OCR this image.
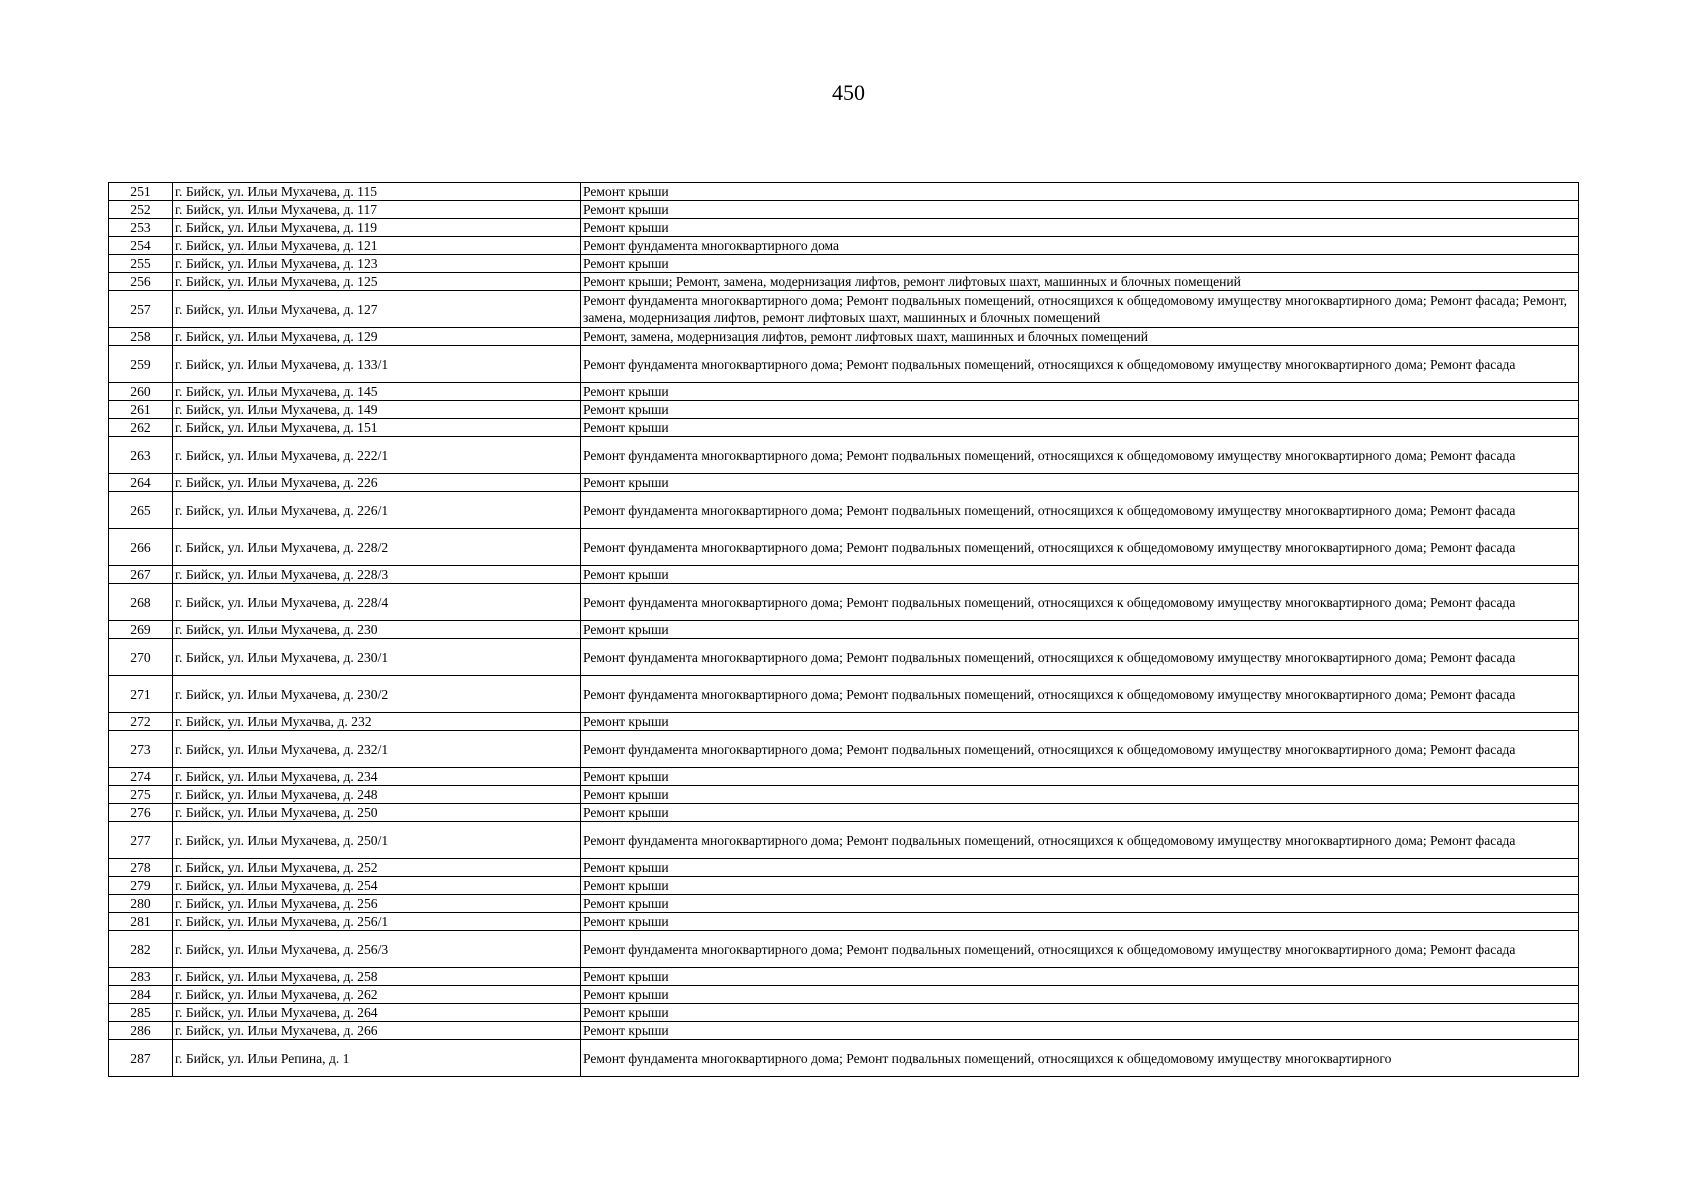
450
251	г. Бийск, ул. Ильи Мухачева, д. 115	Ремонт крыши
252	г. Бийск, ул. Ильи Мухачева, д. 117	Ремонт крыши
253	г. Бийск, ул. Ильи Мухачева, д. 119	Ремонт крыши
254	г. Бийск, ул. Ильи Мухачева, д. 121	Ремонт фундамента многоквартирного дома
255	г. Бийск, ул. Ильи Мухачева, д. 123	Ремонт крыши
256	г. Бийск, ул. Ильи Мухачева, д. 125	Ремонт крыши; Ремонт, замена, модернизация лифтов, ремонт лифтовых шахт, машинных и блочных помещений
257	г. Бийск, ул. Ильи Мухачева, д. 127	Ремонт фундамента многоквартирного дома; Ремонт подвальных помещений, относящихся к общедомовому имуществу многоквартирного дома; Ремонт фасада; Ремонт, замена, модернизация лифтов, ремонт лифтовых шахт, машинных и блочных помещений
258	г. Бийск, ул. Ильи Мухачева, д. 129	Ремонт, замена, модернизация лифтов, ремонт лифтовых шахт, машинных и блочных помещений
259	г. Бийск, ул. Ильи Мухачева, д. 133/1	Ремонт фундамента многоквартирного дома; Ремонт подвальных помещений, относящихся к общедомовому имуществу многоквартирного дома; Ремонт фасада
260	г. Бийск, ул. Ильи Мухачева, д. 145	Ремонт крыши
261	г. Бийск, ул. Ильи Мухачева, д. 149	Ремонт крыши
262	г. Бийск, ул. Ильи Мухачева, д. 151	Ремонт крыши
263	г. Бийск, ул. Ильи Мухачева, д. 222/1	Ремонт фундамента многоквартирного дома; Ремонт подвальных помещений, относящихся к общедомовому имуществу многоквартирного дома; Ремонт фасада
264	г. Бийск, ул. Ильи Мухачева, д. 226	Ремонт крыши
265	г. Бийск, ул. Ильи Мухачева, д. 226/1	Ремонт фундамента многоквартирного дома; Ремонт подвальных помещений, относящихся к общедомовому имуществу многоквартирного дома; Ремонт фасада
266	г. Бийск, ул. Ильи Мухачева, д. 228/2	Ремонт фундамента многоквартирного дома; Ремонт подвальных помещений, относящихся к общедомовому имуществу многоквартирного дома; Ремонт фасада
267	г. Бийск, ул. Ильи Мухачева, д. 228/3	Ремонт крыши
268	г. Бийск, ул. Ильи Мухачева, д. 228/4	Ремонт фундамента многоквартирного дома; Ремонт подвальных помещений, относящихся к общедомовому имуществу многоквартирного дома; Ремонт фасада
269	г. Бийск, ул. Ильи Мухачева, д. 230	Ремонт крыши
270	г. Бийск, ул. Ильи Мухачева, д. 230/1	Ремонт фундамента многоквартирного дома; Ремонт подвальных помещений, относящихся к общедомовому имуществу многоквартирного дома; Ремонт фасада
271	г. Бийск, ул. Ильи Мухачева, д. 230/2	Ремонт фундамента многоквартирного дома; Ремонт подвальных помещений, относящихся к общедомовому имуществу многоквартирного дома; Ремонт фасада
272	г. Бийск, ул. Ильи Мухачва, д. 232	Ремонт крыши
273	г. Бийск, ул. Ильи Мухачева, д. 232/1	Ремонт фундамента многоквартирного дома; Ремонт подвальных помещений, относящихся к общедомовому имуществу многоквартирного дома; Ремонт фасада
274	г. Бийск, ул. Ильи Мухачева, д. 234	Ремонт крыши
275	г. Бийск, ул. Ильи Мухачева, д. 248	Ремонт крыши
276	г. Бийск, ул. Ильи Мухачева, д. 250	Ремонт крыши
277	г. Бийск, ул. Ильи Мухачева, д. 250/1	Ремонт фундамента многоквартирного дома; Ремонт подвальных помещений, относящихся к общедомовому имуществу многоквартирного дома; Ремонт фасада
278	г. Бийск, ул. Ильи Мухачева, д. 252	Ремонт крыши
279	г. Бийск, ул. Ильи Мухачева, д. 254	Ремонт крыши
280	г. Бийск, ул. Ильи Мухачева, д. 256	Ремонт крыши
281	г. Бийск, ул. Ильи Мухачева, д. 256/1	Ремонт крыши
282	г. Бийск, ул. Ильи Мухачева, д. 256/3	Ремонт фундамента многоквартирного дома; Ремонт подвальных помещений, относящихся к общедомовому имуществу многоквартирного дома; Ремонт фасада
283	г. Бийск, ул. Ильи Мухачева, д. 258	Ремонт крыши
284	г. Бийск, ул. Ильи Мухачева, д. 262	Ремонт крыши
285	г. Бийск, ул. Ильи Мухачева, д. 264	Ремонт крыши
286	г. Бийск, ул. Ильи Мухачева, д. 266	Ремонт крыши
287	г. Бийск, ул. Ильи Репина, д. 1	Ремонт фундамента многоквартирного дома; Ремонт подвальных помещений, относящихся к общедомовому имуществу многоквартирного
